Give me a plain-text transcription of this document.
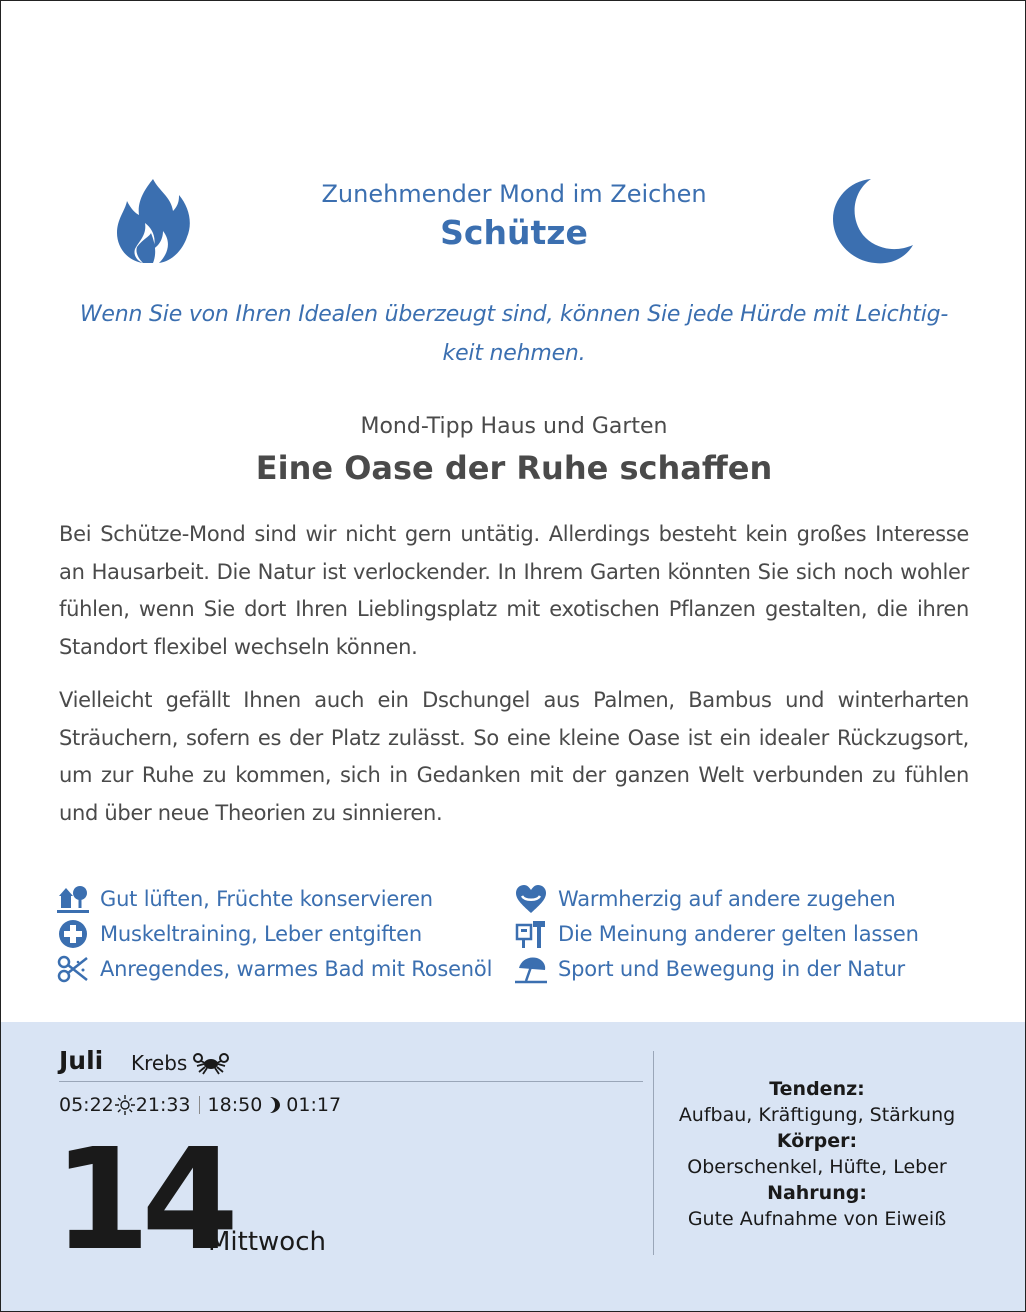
Zunehmender Mond im Zeichen
Schütze
Wenn Sie von Ihren Idealen überzeugt sind, können Sie jede Hürde mit Leichtig-
keit nehmen.
Mond-Tipp Haus und Garten
Eine Oase der Ruhe schaffen

Bei Schütze-Mond sind wir nicht gern untätig. Allerdings besteht kein großes Interesse an Hausarbeit. Die Natur ist verlockender. In Ihrem Garten könnten Sie sich noch wohler fühlen, wenn Sie dort Ihren Lieblingsplatz mit exotischen Pflanzen gestalten, die ihren Standort flexibel wechseln können.

Vielleicht gefällt Ihnen auch ein Dschungel aus Palmen, Bambus und winterharten Sträuchern, sofern es der Platz zulässt. So eine kleine Oase ist ein idealer Rückzugsort, um zur Ruhe zu kommen, sich in Gedanken mit der ganzen Welt verbunden zu fühlen und über neue Theorien zu sinnieren.

Gut lüften, Früchte konservieren
Muskeltraining, Leber entgiften
Anregendes, warmes Bad mit Rosenöl
Warmherzig auf andere zugehen
Die Meinung anderer gelten lassen
Sport und Bewegung in der Natur
Juli Krebs
05:22 21:33 18:50 01:17
14
Mittwoch
Tendenz:
Aufbau, Kräftigung, Stärkung
Körper:
Oberschenkel, Hüfte, Leber
Nahrung:
Gute Aufnahme von Eiweiß
